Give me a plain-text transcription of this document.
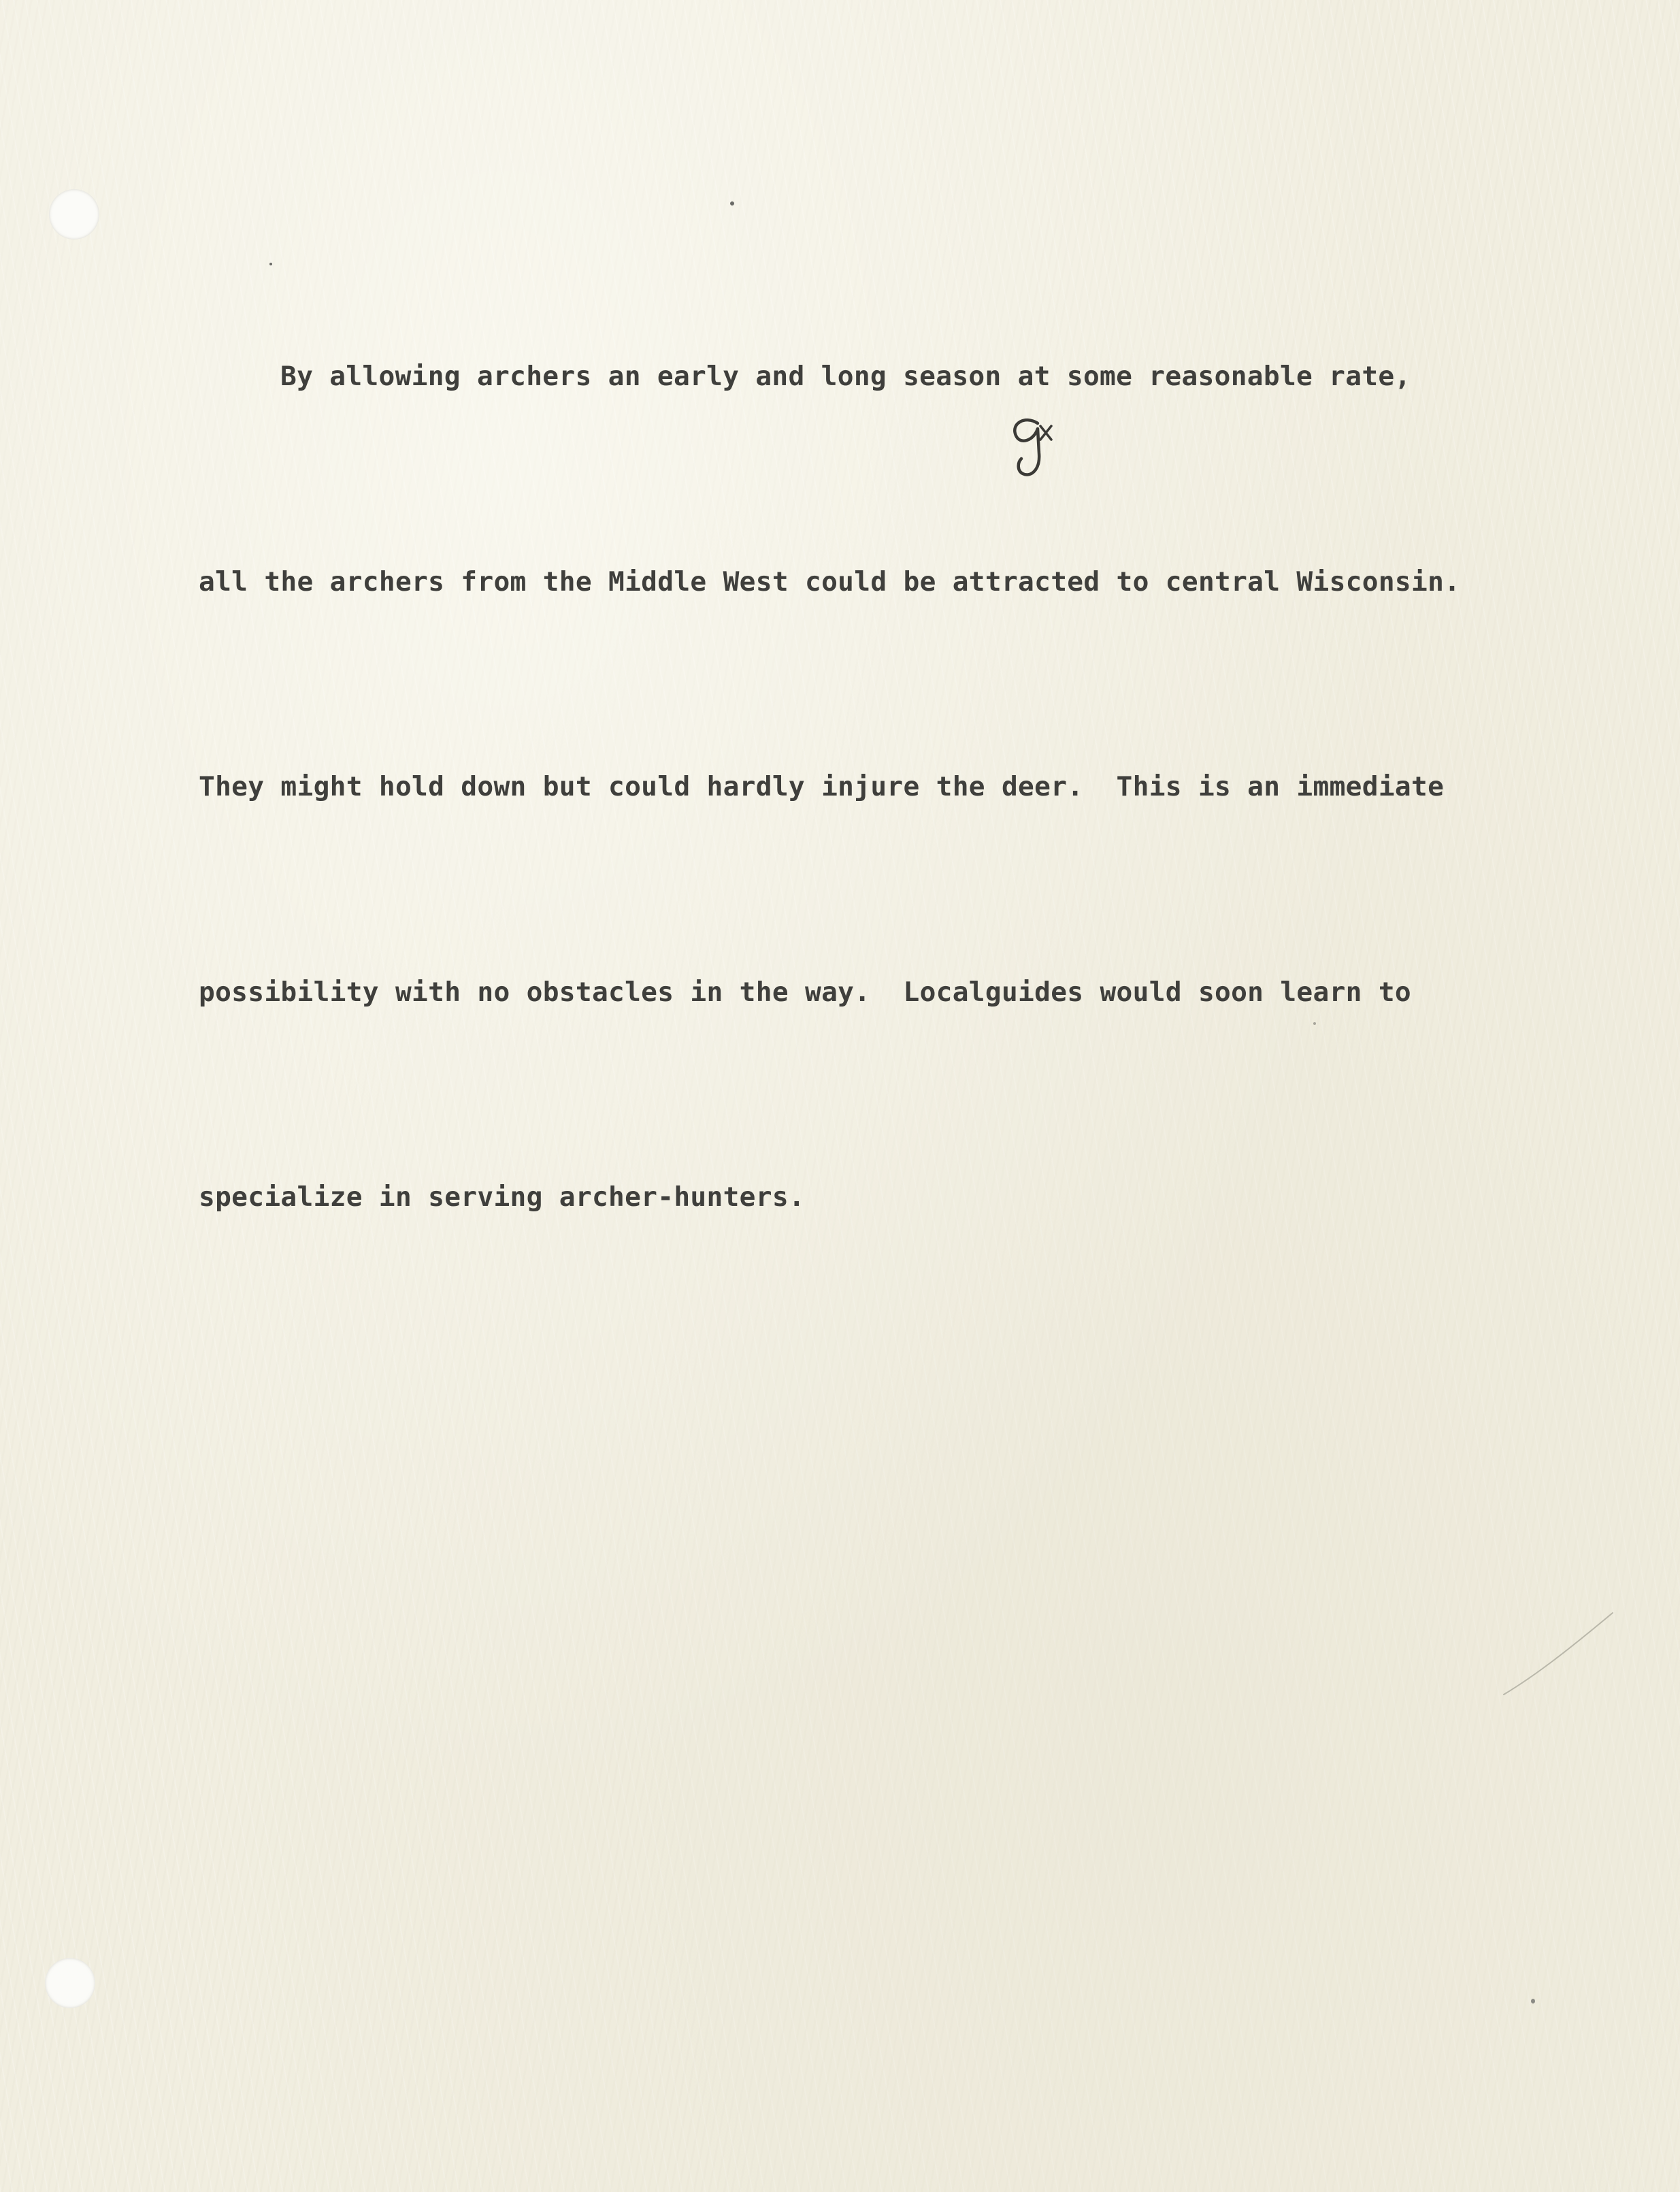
By allowing archers an early and long season at some reasonable rate,

all the archers from the Middle West could be attracted to central Wisconsin.

They might hold down but could hardly injure the deer.  This is an immediate

possibility with no obstacles in the way.  Localguides would soon learn to

specialize in serving archer-hunters.
